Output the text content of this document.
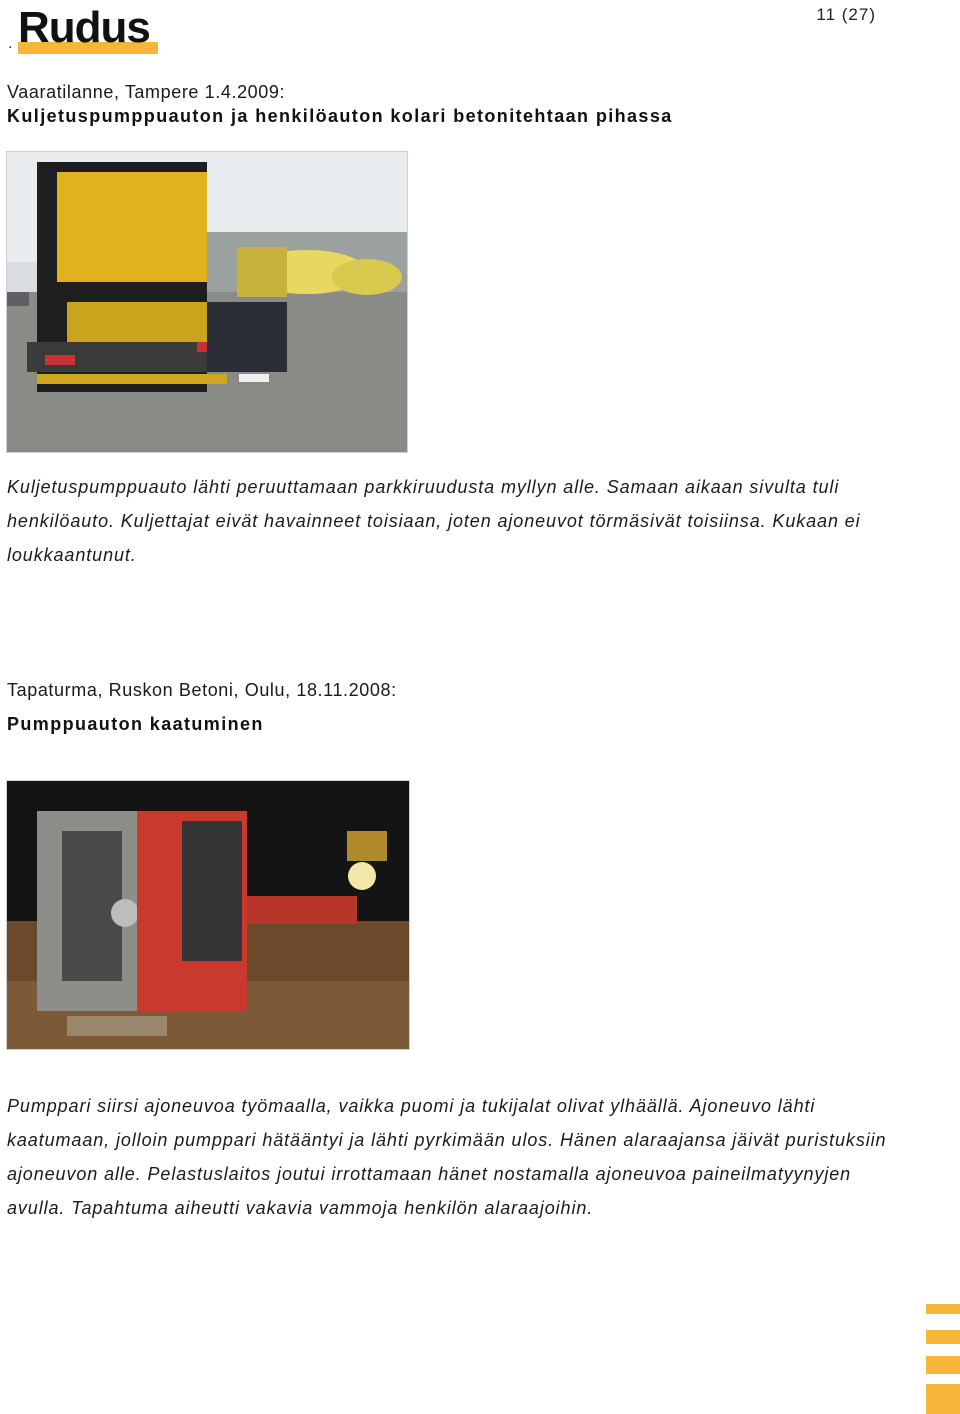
Rudus
.
11 (27)
Vaaratilanne, Tampere 1.4.2009:
Kuljetuspumppuauton ja henkilöauton kolari betonitehtaan pihassa

Kuljetuspumppuauto lähti peruuttamaan parkkiruudusta myllyn alle. Samaan aikaan sivulta tuli henkilöauto. Kuljettajat eivät havainneet toisiaan, joten ajoneuvot törmäsivät toisiinsa. Kukaan ei loukkaantunut.

Tapaturma, Ruskon Betoni, Oulu, 18.11.2008:
Pumppuauton kaatuminen

Pumppari siirsi ajoneuvoa työmaalla, vaikka puomi ja tukijalat olivat ylhäällä. Ajoneuvo lähti kaatumaan, jolloin pumppari hätääntyi ja lähti pyrkimään ulos. Hänen alaraajansa jäivät puristuksiin ajoneuvon alle. Pelastuslaitos joutui irrottamaan hänet nostamalla ajoneuvoa paineilmatyynyjen avulla. Tapahtuma aiheutti vakavia vammoja henkilön alaraajoihin.
